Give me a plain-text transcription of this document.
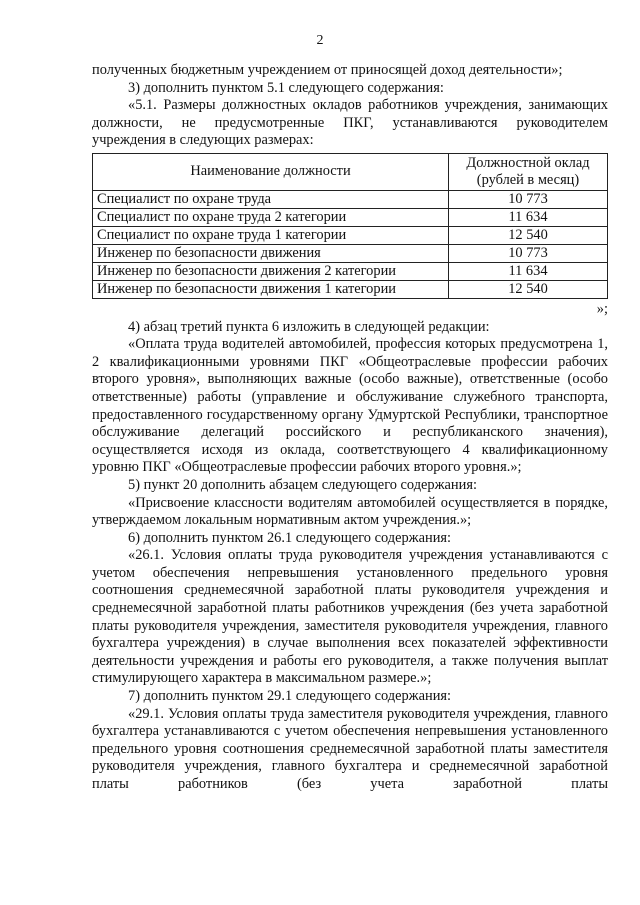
2

полученных бюджетным учреждением от приносящей доход деятельности»;

3) дополнить пунктом 5.1 следующего содержания:

«5.1. Размеры должностных окладов работников учреждения, занимающих должности, не предусмотренные ПКГ, устанавливаются руководителем учреждения в следующих размерах:

Наименование должности	Должностной оклад (рублей в месяц)
Специалист по охране труда	10 773
Специалист по охране труда 2 категории	11 634
Специалист по охране труда 1 категории	12 540
Инженер по безопасности движения	10 773
Инженер по безопасности движения 2 категории	11 634
Инженер по безопасности движения 1 категории	12 540

»;

4) абзац третий пункта 6 изложить в следующей редакции:

«Оплата труда водителей автомобилей, профессия которых предусмотрена 1, 2 квалификационными уровнями ПКГ «Общеотраслевые профессии рабочих второго уровня», выполняющих важные (особо важные), ответственные (особо ответственные) работы (управление и обслуживание служебного транспорта, предоставленного государственному органу Удмуртской Республики, транспортное обслуживание делегаций российского и республиканского значения), осуществляется исходя из оклада, соответствующего 4 квалификационному уровню ПКГ «Общеотраслевые профессии рабочих второго уровня.»;

5) пункт 20 дополнить абзацем следующего содержания:

«Присвоение классности водителям автомобилей осуществляется в порядке, утверждаемом локальным нормативным актом учреждения.»;

6) дополнить пунктом 26.1 следующего содержания:

«26.1. Условия оплаты труда руководителя учреждения устанавливаются с учетом обеспечения непревышения установленного предельного уровня соотношения среднемесячной заработной платы руководителя учреждения и среднемесячной заработной платы работников учреждения (без учета заработной платы руководителя учреждения, заместителя руководителя учреждения, главного бухгалтера учреждения) в случае выполнения всех показателей эффективности деятельности учреждения и работы его руководителя, а также получения выплат стимулирующего характера в максимальном размере.»;

7) дополнить пунктом 29.1 следующего содержания:

«29.1. Условия оплаты труда заместителя руководителя учреждения, главного бухгалтера устанавливаются с учетом обеспечения непревышения установленного предельного уровня соотношения среднемесячной заработной платы заместителя руководителя учреждения, главного бухгалтера и среднемесячной заработной платы работников (без учета заработной платы
